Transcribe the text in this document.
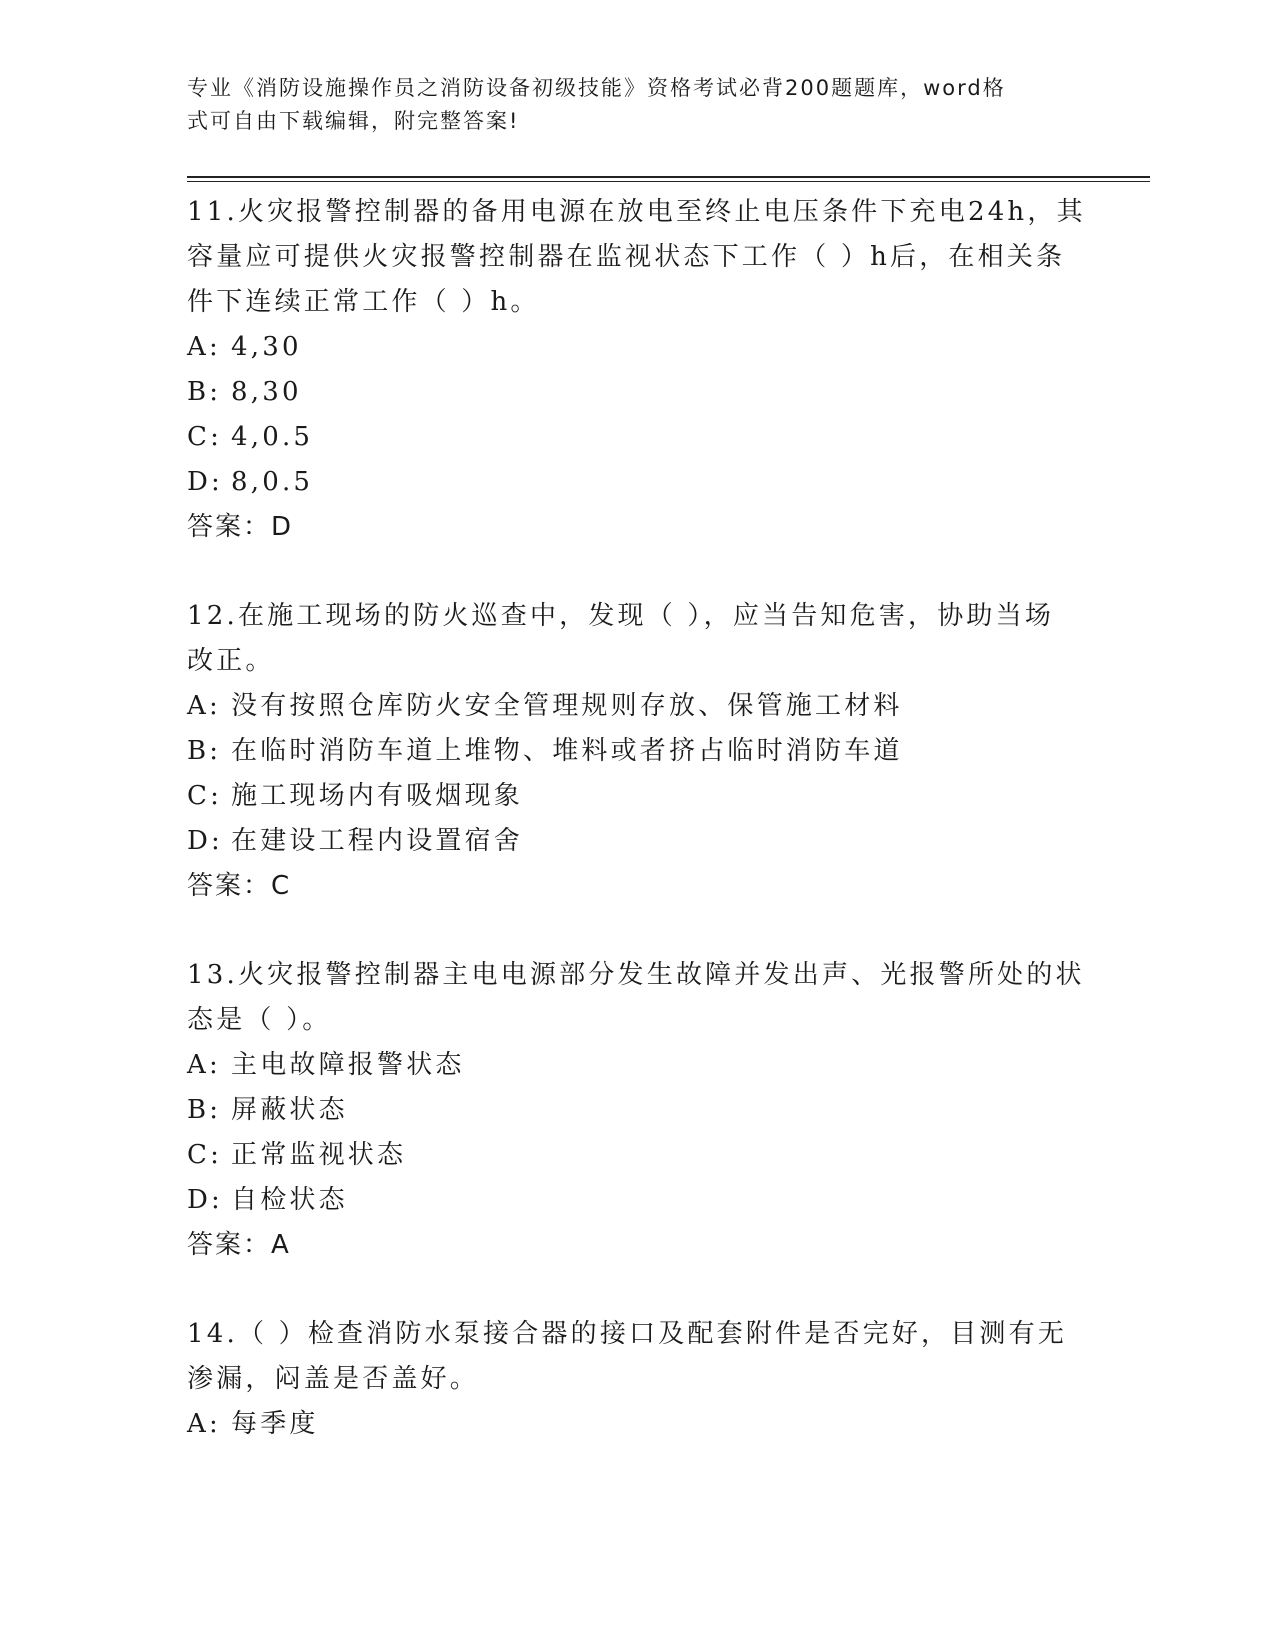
专业《消防设施操作员之消防设备初级技能》资格考试必背200题题库，word格
式可自由下载编辑，附完整答案!

11.火灾报警控制器的备用电源在放电至终止电压条件下充电24h，其

容量应可提供火灾报警控制器在监视状态下工作（ ）h后，在相关条

件下连续正常工作（ ）h。

A: 4,30

B: 8,30

C: 4,0.5

D: 8,0.5

答案：D

12.在施工现场的防火巡查中，发现（ ），应当告知危害，协助当场

改正。

A: 没有按照仓库防火安全管理规则存放、保管施工材料

B: 在临时消防车道上堆物、堆料或者挤占临时消防车道

C: 施工现场内有吸烟现象

D: 在建设工程内设置宿舍

答案：C

13.火灾报警控制器主电电源部分发生故障并发出声、光报警所处的状

态是（ ）。

A: 主电故障报警状态

B: 屏蔽状态

C: 正常监视状态

D: 自检状态

答案：A

14.（ ）检查消防水泵接合器的接口及配套附件是否完好，目测有无

渗漏，闷盖是否盖好。

A: 每季度
